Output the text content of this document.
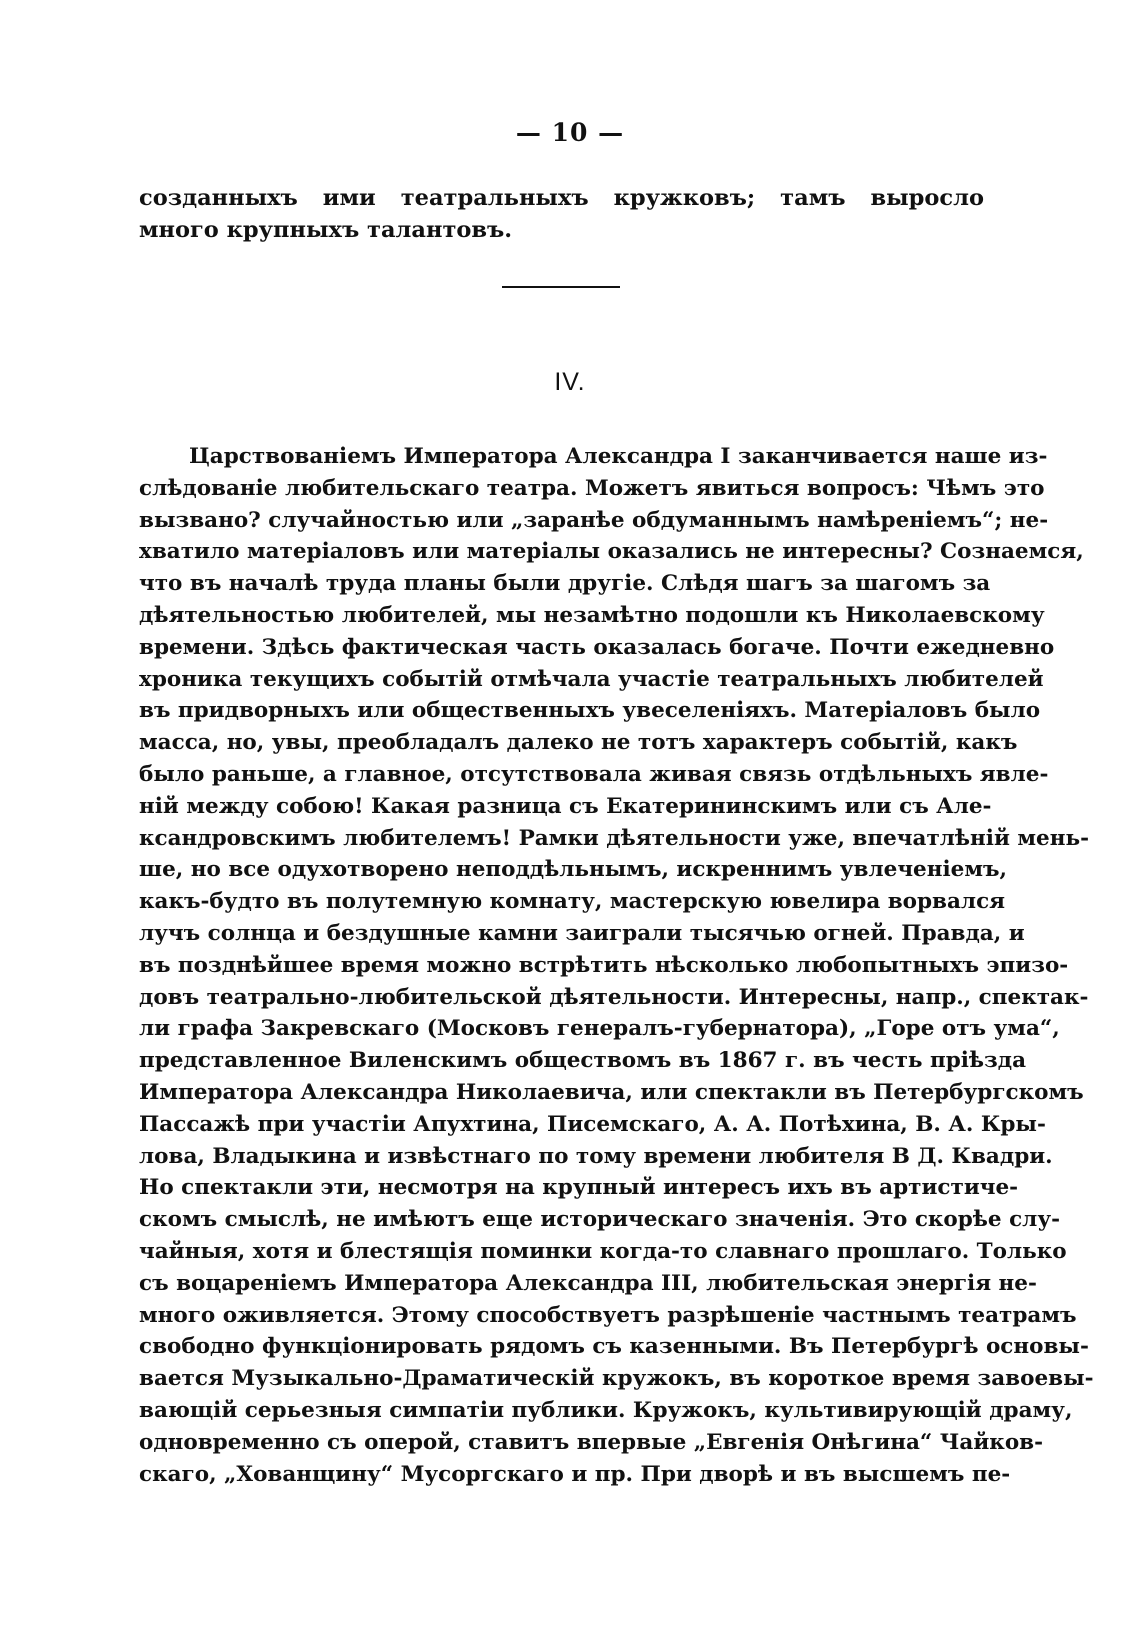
— 10 —
созданныхъ ими театральныхъ кружковъ; тамъ выросло много крупныхъ талантовъ.
IV.
Царствованіемъ Императора Александра I заканчивается наше из-
слѣдованіе любительскаго театра. Можетъ явиться вопросъ: Чѣмъ это
вызвано? случайностью или „заранѣе обдуманнымъ намѣреніемъ“; не-
хватило матеріаловъ или матеріалы оказались не интересны? Сознаемся,
что въ началѣ труда планы были другіе. Слѣдя шагъ за шагомъ за
дѣятельностью любителей, мы незамѣтно подошли къ Николаевскому
времени. Здѣсь фактическая часть оказалась богаче. Почти ежедневно
хроника текущихъ событій отмѣчала участіе театральныхъ любителей
въ придворныхъ или общественныхъ увеселеніяхъ. Матеріаловъ было
масса, но, увы, преобладалъ далеко не тотъ характеръ событій, какъ
было раньше, а главное, отсутствовала живая связь отдѣльныхъ явле-
ній между собою! Какая разница съ Екатерининскимъ или съ Але-
ксандровскимъ любителемъ! Рамки дѣятельности уже, впечатлѣній мень-
ше, но все одухотворено неподдѣльнымъ, искреннимъ увлеченіемъ,
какъ-будто въ полутемную комнату, мастерскую ювелира ворвался
лучъ солнца и бездушные камни заиграли тысячью огней. Правда, и
въ позднѣйшее время можно встрѣтить нѣсколько любопытныхъ эпизо-
довъ театрально-любительской дѣятельности. Интересны, напр., спектак-
ли графа Закревскаго (Московъ генералъ-губернатора), „Горе отъ ума“,
представленное Виленскимъ обществомъ въ 1867 г. въ честь пріѣзда
Императора Александра Николаевича, или спектакли въ Петербургскомъ
Пассажѣ при участіи Апухтина, Писемскаго, А. А. Потѣхина, В. А. Кры-
лова, Владыкина и извѣстнаго по тому времени любителя В Д. Квадри.
Но спектакли эти, несмотря на крупный интересъ ихъ въ артистиче-
скомъ смыслѣ, не имѣютъ еще историческаго значенія. Это скорѣе слу-
чайныя, хотя и блестящія поминки когда-то славнаго прошлаго. Только
съ воцареніемъ Императора Александра III, любительская энергія не-
много оживляется. Этому способствуетъ разрѣшеніе частнымъ театрамъ
свободно функціонировать рядомъ съ казенными. Въ Петербургѣ основы-
вается Музыкально-Драматическій кружокъ, въ короткое время завоевы-
вающій серьезныя симпатіи публики. Кружокъ, культивирующій драму,
одновременно съ оперой, ставитъ впервые „Евгенія Онѣгина“ Чайков-
скаго, „Хованщину“ Мусоргскаго и пр. При дворѣ и въ высшемъ пе-
